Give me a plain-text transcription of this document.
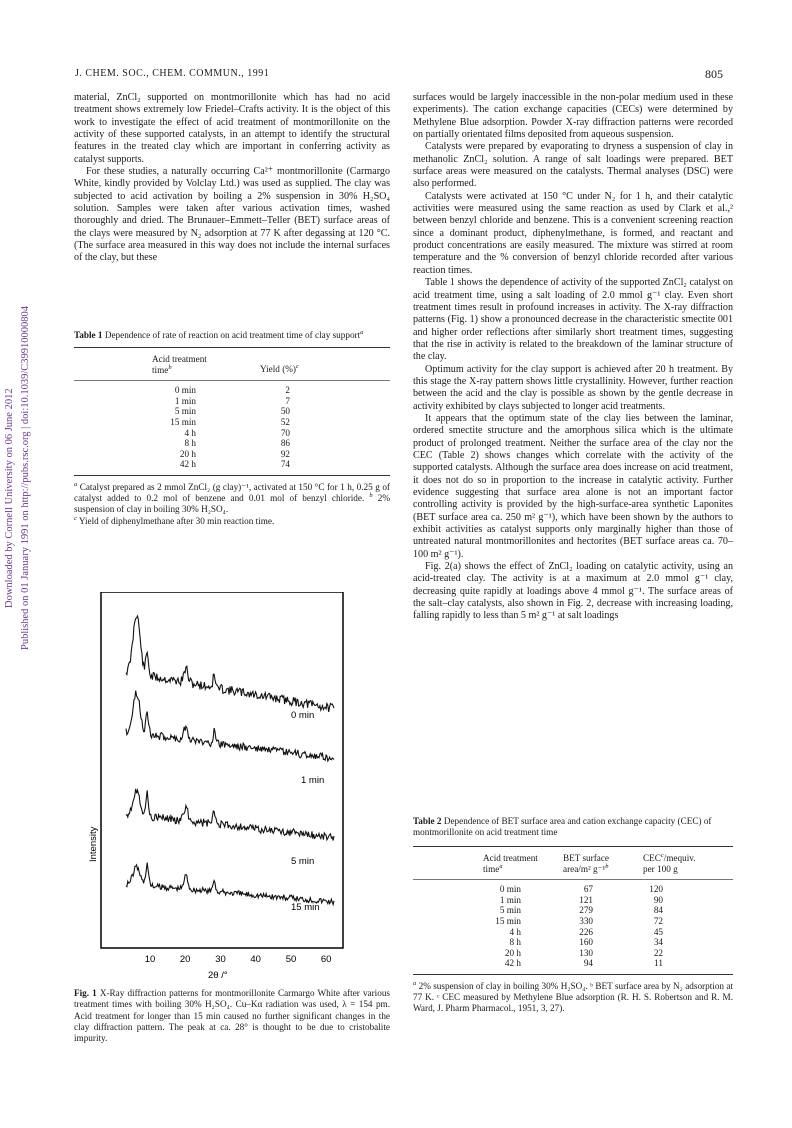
J. CHEM. SOC., CHEM. COMMUN., 1991	805
Downloaded by Cornell University on 06 June 2012 Published on 01 January 1991 on http://pubs.rsc.org | doi:10.1039/C39910000804

material, ZnCl₂ supported on montmorillonite which has had no acid treatment shows extremely low Friedel–Crafts activity. It is the object of this work to investigate the effect of acid treatment of montmorillonite on the activity of these supported catalysts, in an attempt to identify the structural features in the treated clay which are important in conferring activity as catalyst supports.

For these studies, a naturally occurring Ca²⁺ montmorillonite (Carmargo White, kindly provided by Volclay Ltd.) was used as supplied. The clay was subjected to acid activation by boiling a 2% suspension in 30% H₂SO₄ solution. Samples were taken after various activation times, washed thoroughly and dried. The Brunauer–Emmett–Teller (BET) surface areas of the clays were measured by N₂ adsorption at 77 K after degassing at 120 °C. (The surface area measured in this way does not include the internal surfaces of the clay, but these

Table 1 Dependence of rate of reaction on acid treatment time of clay support$^a$
	Acid treatment
time$^b$	Yield (%)$^c$
	0 min		2	
	1 min		7	
	5 min		50	
	15 min		52	
	4 h		70	
	8 h		86	
	20 h		92	
	42 h		74	
$^a$ Catalyst prepared as 2 mmol ZnCl₂ (g clay)⁻¹, activated at 150 °C for 1 h, 0.25 g of catalyst added to 0.2 mol of benzene and 0.01 mol of benzyl chloride. $^b$ 2% suspension of clay in boiling 30% H₂SO₄.
$^c$ Yield of diphenylmethane after 30 min reaction time.
10	20	30	40	50	60
Intensity
2θ /°
0 min
1 min
5 min
15 min
Fig. 1 X-Ray diffraction patterns for montmorillonite Carmargo White after various treatment times with boiling 30% H₂SO₄. Cu–Kα radiation was used, λ = 154 pm. Acid treatment for longer than 15 min caused no further significant changes in the clay diffraction pattern. The peak at ca. 28° is thought to be due to cristobalite impurity.

surfaces would be largely inaccessible in the non-polar medium used in these experiments). The cation exchange capacities (CECs) were determined by Methylene Blue adsorption. Powder X-ray diffraction patterns were recorded on partially orientated films deposited from aqueous suspension.

Catalysts were prepared by evaporating to dryness a suspension of clay in methanolic ZnCl₂ solution. A range of salt loadings were prepared. BET surface areas were measured on the catalysts. Thermal analyses (DSC) were also performed.

Catalysts were activated at 150 °C under N₂ for 1 h, and their catalytic activities were measured using the same reaction as used by Clark et al.,² between benzyl chloride and benzene. This is a convenient screening reaction since a dominant product, diphenylmethane, is formed, and reactant and product concentrations are easily measured. The mixture was stirred at room temperature and the % conversion of benzyl chloride recorded after various reaction times.

Table 1 shows the dependence of activity of the supported ZnCl₂ catalyst on acid treatment time, using a salt loading of 2.0 mmol g⁻¹ clay. Even short treatment times result in profound increases in activity. The X-ray diffraction patterns (Fig. 1) show a pronounced decrease in the characteristic smectite 001 and higher order reflections after similarly short treatment times, suggesting that the rise in activity is related to the breakdown of the laminar structure of the clay.

Optimum activity for the clay support is achieved after 20 h treatment. By this stage the X-ray pattern shows little crystallinity. However, further reaction between the acid and the clay is possible as shown by the gentle decrease in activity exhibited by clays subjected to longer acid treatments.

It appears that the optimum state of the clay lies between the laminar, ordered smectite structure and the amorphous silica which is the ultimate product of prolonged treatment. Neither the surface area of the clay nor the CEC (Table 2) shows changes which correlate with the activity of the supported catalysts. Although the surface area does increase on acid treatment, it does not do so in proportion to the increase in catalytic activity. Further evidence suggesting that surface area alone is not an important factor controlling activity is provided by the high-surface-area synthetic Laponites (BET surface area ca. 250 m² g⁻¹), which have been shown by the authors to exhibit activities as catalyst supports only marginally higher than those of untreated natural montmorillonites and hectorites (BET surface areas ca. 70–100 m² g⁻¹).

Fig. 2(a) shows the effect of ZnCl₂ loading on catalytic activity, using an acid-treated clay. The activity is at a maximum at 2.0 mmol g⁻¹ clay, decreasing quite rapidly at loadings above 4 mmol g⁻¹. The surface areas of the salt–clay catalysts, also shown in Fig. 2, decrease with increasing loading, falling rapidly to less than 5 m² g⁻¹ at salt loadings

Table 2 Dependence of BET surface area and cation exchange capacity (CEC) of montmorillonite on acid treatment time
	Acid treatment
time$^a$	BET surface
area/m² g⁻¹$^b$	CEC$^c$/mequiv.
per 100 g
	0 min		67		120	
	1 min		121		90	
	5 min		279		84	
	15 min		330		72	
	4 h		226		45	
	8 h		160		34	
	20 h		130		22	
	42 h		94		11	
$^a$ 2% suspension of clay in boiling 30% H₂SO₄. ᵇ BET surface area by N₂ adsorption at 77 K. ᶜ CEC measured by Methylene Blue adsorption (R. H. S. Robertson and R. M. Ward, J. Pharm Pharmacol., 1951, 3, 27).
